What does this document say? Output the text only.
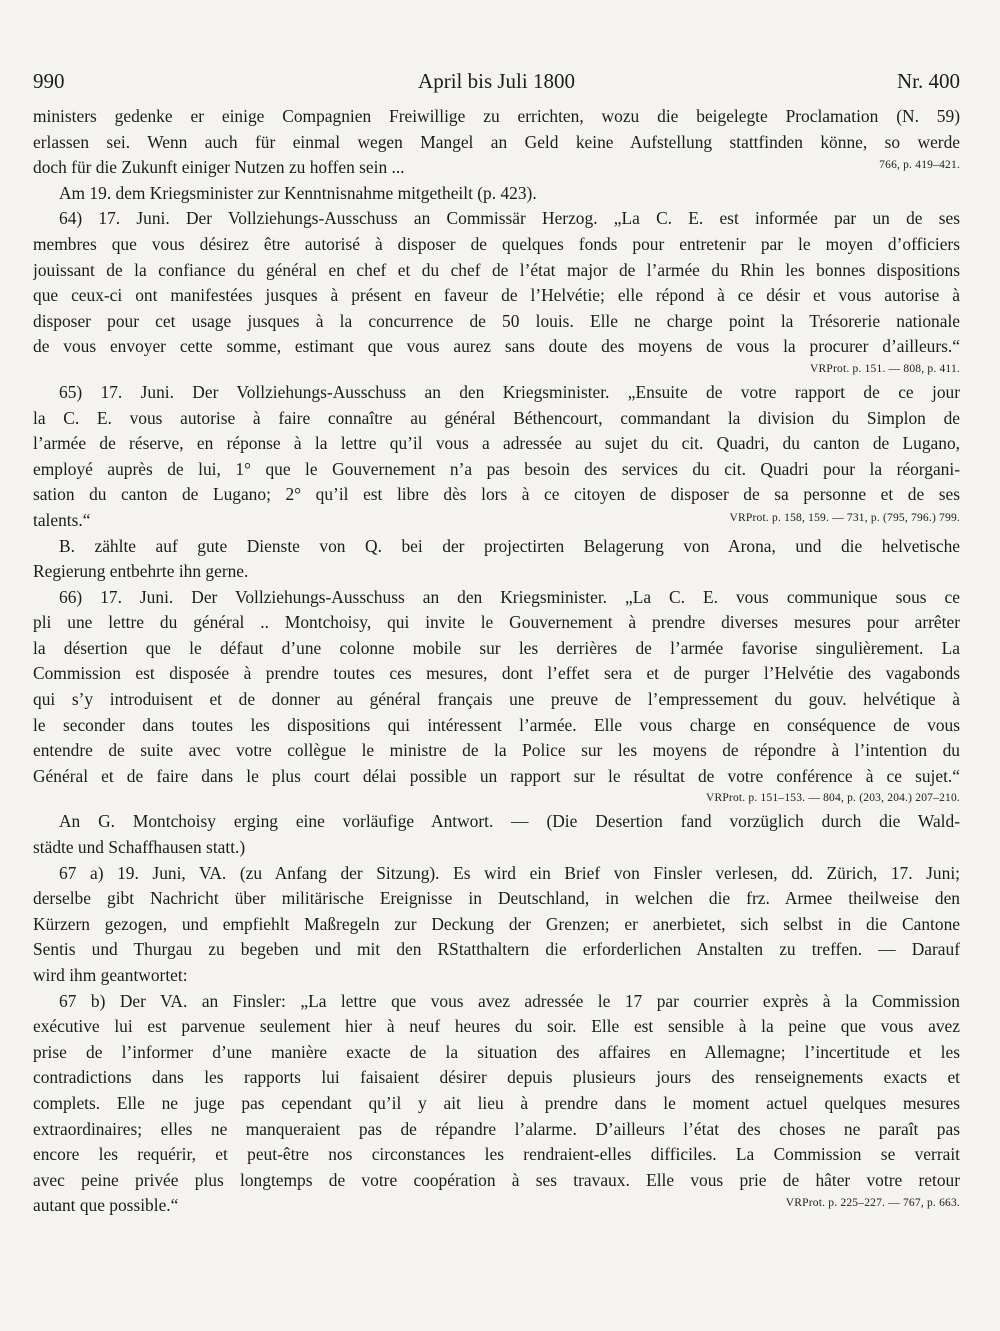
990	April bis Juli 1800	Nr. 400
ministers gedenke er einige Compagnien Freiwillige zu errichten, wozu die beigelegte Proclamation (N. 59)
erlassen sei. Wenn auch für einmal wegen Mangel an Geld keine Aufstellung stattfinden könne, so werde
doch für die Zukunft einiger Nutzen zu hoffen sein ...	766, p. 419–421.
Am 19. dem Kriegsminister zur Kenntnisnahme mitgetheilt (p. 423).
64) 17. Juni. Der Vollziehungs-Ausschuss an Commissär Herzog. „La C. E. est informée par un de ses
membres que vous désirez être autorisé à disposer de quelques fonds pour entretenir par le moyen d’officiers
jouissant de la confiance du général en chef et du chef de l’état major de l’armée du Rhin les bonnes dispositions
que ceux-ci ont manifestées jusques à présent en faveur de l’Helvétie; elle répond à ce désir et vous autorise à
disposer pour cet usage jusques à la concurrence de 50 louis. Elle ne charge point la Trésorerie nationale
de vous envoyer cette somme, estimant que vous aurez sans doute des moyens de vous la procurer d’ailleurs.“
VRProt. p. 151. — 808, p. 411.
65) 17. Juni. Der Vollziehungs-Ausschuss an den Kriegsminister. „Ensuite de votre rapport de ce jour
la C. E. vous autorise à faire connaître au général Béthencourt, commandant la division du Simplon de
l’armée de réserve, en réponse à la lettre qu’il vous a adressée au sujet du cit. Quadri, du canton de Lugano,
employé auprès de lui, 1° que le Gouvernement n’a pas besoin des services du cit. Quadri pour la réorgani-
sation du canton de Lugano; 2° qu’il est libre dès lors à ce citoyen de disposer de sa personne et de ses
talents.“	VRProt. p. 158, 159. — 731, p. (795, 796.) 799.
B. zählte auf gute Dienste von Q. bei der projectirten Belagerung von Arona, und die helvetische
Regierung entbehrte ihn gerne.
66) 17. Juni. Der Vollziehungs-Ausschuss an den Kriegsminister. „La C. E. vous communique sous ce
pli une lettre du général .. Montchoisy, qui invite le Gouvernement à prendre diverses mesures pour arrêter
la désertion que le défaut d’une colonne mobile sur les derrières de l’armée favorise singulièrement. La
Commission est disposée à prendre toutes ces mesures, dont l’effet sera et de purger l’Helvétie des vagabonds
qui s’y introduisent et de donner au général français une preuve de l’empressement du gouv. helvétique à
le seconder dans toutes les dispositions qui intéressent l’armée. Elle vous charge en conséquence de vous
entendre de suite avec votre collègue le ministre de la Police sur les moyens de répondre à l’intention du
Général et de faire dans le plus court délai possible un rapport sur le résultat de votre conférence à ce sujet.“
VRProt. p. 151–153. — 804, p. (203, 204.) 207–210.
An G. Montchoisy erging eine vorläufige Antwort. — (Die Desertion fand vorzüglich durch die Wald-
städte und Schaffhausen statt.)
67 a) 19. Juni, VA. (zu Anfang der Sitzung). Es wird ein Brief von Finsler verlesen, dd. Zürich, 17. Juni;
derselbe gibt Nachricht über militärische Ereignisse in Deutschland, in welchen die frz. Armee theilweise den
Kürzern gezogen, und empfiehlt Maßregeln zur Deckung der Grenzen; er anerbietet, sich selbst in die Cantone
Sentis und Thurgau zu begeben und mit den RStatthaltern die erforderlichen Anstalten zu treffen. — Darauf
wird ihm geantwortet:
67 b) Der VA. an Finsler: „La lettre que vous avez adressée le 17 par courrier exprès à la Commission
exécutive lui est parvenue seulement hier à neuf heures du soir. Elle est sensible à la peine que vous avez
prise de l’informer d’une manière exacte de la situation des affaires en Allemagne; l’incertitude et les
contradictions dans les rapports lui faisaient désirer depuis plusieurs jours des renseignements exacts et
complets. Elle ne juge pas cependant qu’il y ait lieu à prendre dans le moment actuel quelques mesures
extraordinaires; elles ne manqueraient pas de répandre l’alarme. D’ailleurs l’état des choses ne paraît pas
encore les requérir, et peut-être nos circonstances les rendraient-elles difficiles. La Commission se verrait
avec peine privée plus longtemps de votre coopération à ses travaux. Elle vous prie de hâter votre retour
autant que possible.“	VRProt. p. 225–227. — 767, p. 663.
